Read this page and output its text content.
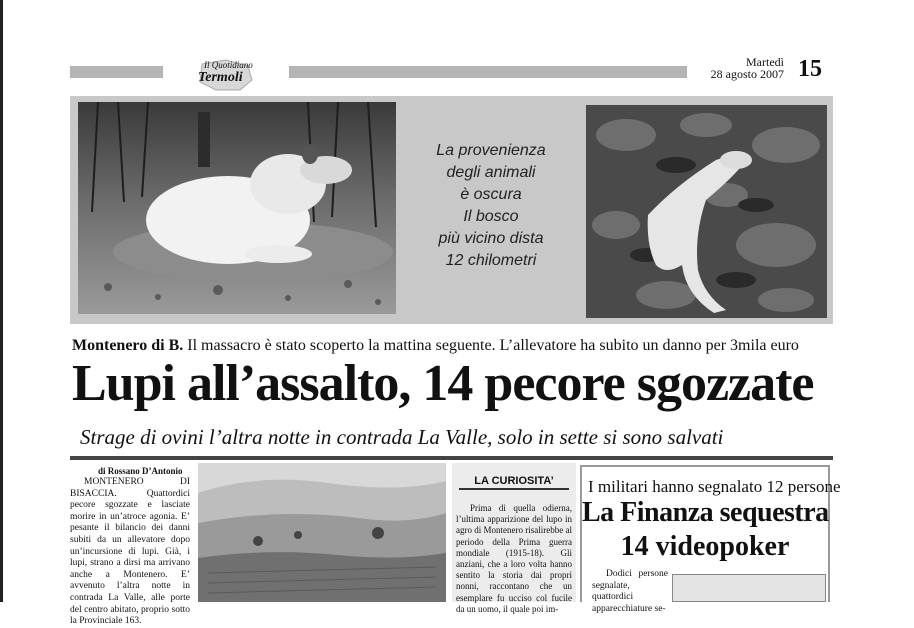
Il Quotidiano
Termoli
Martedì
28 agosto 2007 15
La provenienza
degli animali
è oscura
Il bosco
più vicino dista
12 chilometri
Montenero di B. Il massacro è stato scoperto la mattina seguente. L’allevatore ha subito un danno per 3mila euro
Lupi all’assalto, 14 pecore sgozzate
Strage di ovini l’altra notte in contrada La Valle, solo in sette si sono salvati
di Rossano D’Antonio

MONTENERO DI BISACCIA. Quattordici pecore sgozzate e lasciate morire in un’atroce agonia. E’ pesante il bilancio dei danni subiti da un allevatore dopo un’incursione di lupi. Già, i lupi, strano a dirsi ma arrivano anche a Montenero. E’ avvenuto l’altra notte in contrada La Valle, alle porte del centro abitato, proprio sotto la Provinciale 163.

LA CURIOSITA’

Prima di quella odierna, l’ultima apparizione del lupo in agro di Montenero risalirebbe al periodo della Prima guerra mondiale (1915-18). Gli anziani, che a loro volta hanno sentito la storia dai propri nonni, raccontano che un esemplare fu ucciso col fucile da un uomo, il quale poi im-

I militari hanno segnalato 12 persone
La Finanza sequestra
14 videopoker

Dodici persone segnalate, quattordici apparecchiature se-
